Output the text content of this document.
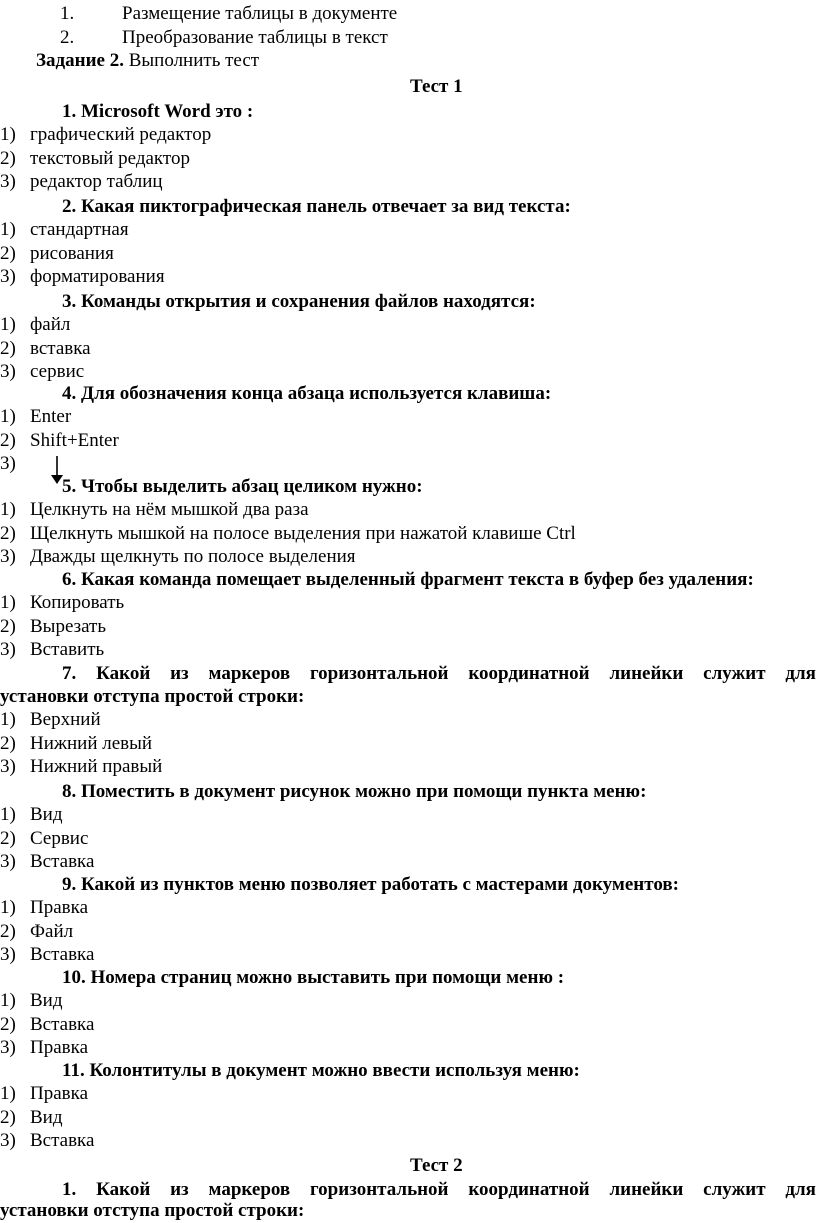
1.	Размещение таблицы в документе
2.	Преобразование таблицы в текст
Задание 2. Выполнить тест
Тест 1
1. Microsoft Word это :
1) графический редактор
2) текстовый редактор
3) редактор таблиц
2. Какая пиктографическая панель отвечает за вид текста:
1) стандартная
2) рисования
3) форматирования
3. Команды открытия и сохранения файлов находятся:
1) файл
2) вставка
3) сервис
4. Для обозначения конца абзаца используется клавиша:
1) Enter
2) Shift+Enter
3)
5. Чтобы выделить абзац целиком нужно:
1) Целкнуть на нём мышкой два раза
2) Щелкнуть мышкой на полосе выделения при нажатой клавише Ctrl
3) Дважды щелкнуть по полосе выделения
6. Какая команда помещает выделенный фрагмент текста в буфер без удаления:
1) Копировать
2) Вырезать
3) Вставить
7. Какой из маркеров горизонтальной координатной линейки служит для
установки отступа простой строки:
1) Верхний
2) Нижний левый
3) Нижний правый
8. Поместить в документ рисунок можно при помощи пункта меню:
1) Вид
2) Сервис
3) Вставка
9. Какой из пунктов меню позволяет работать с мастерами документов:
1) Правка
2) Файл
3) Вставка
10. Номера страниц можно выставить при помощи меню :
1) Вид
2) Вставка
3) Правка
11. Колонтитулы в документ можно ввести используя меню:
1) Правка
2) Вид
3) Вставка
Тест 2
1. Какой из маркеров горизонтальной координатной линейки служит для
установки отступа простой строки:
